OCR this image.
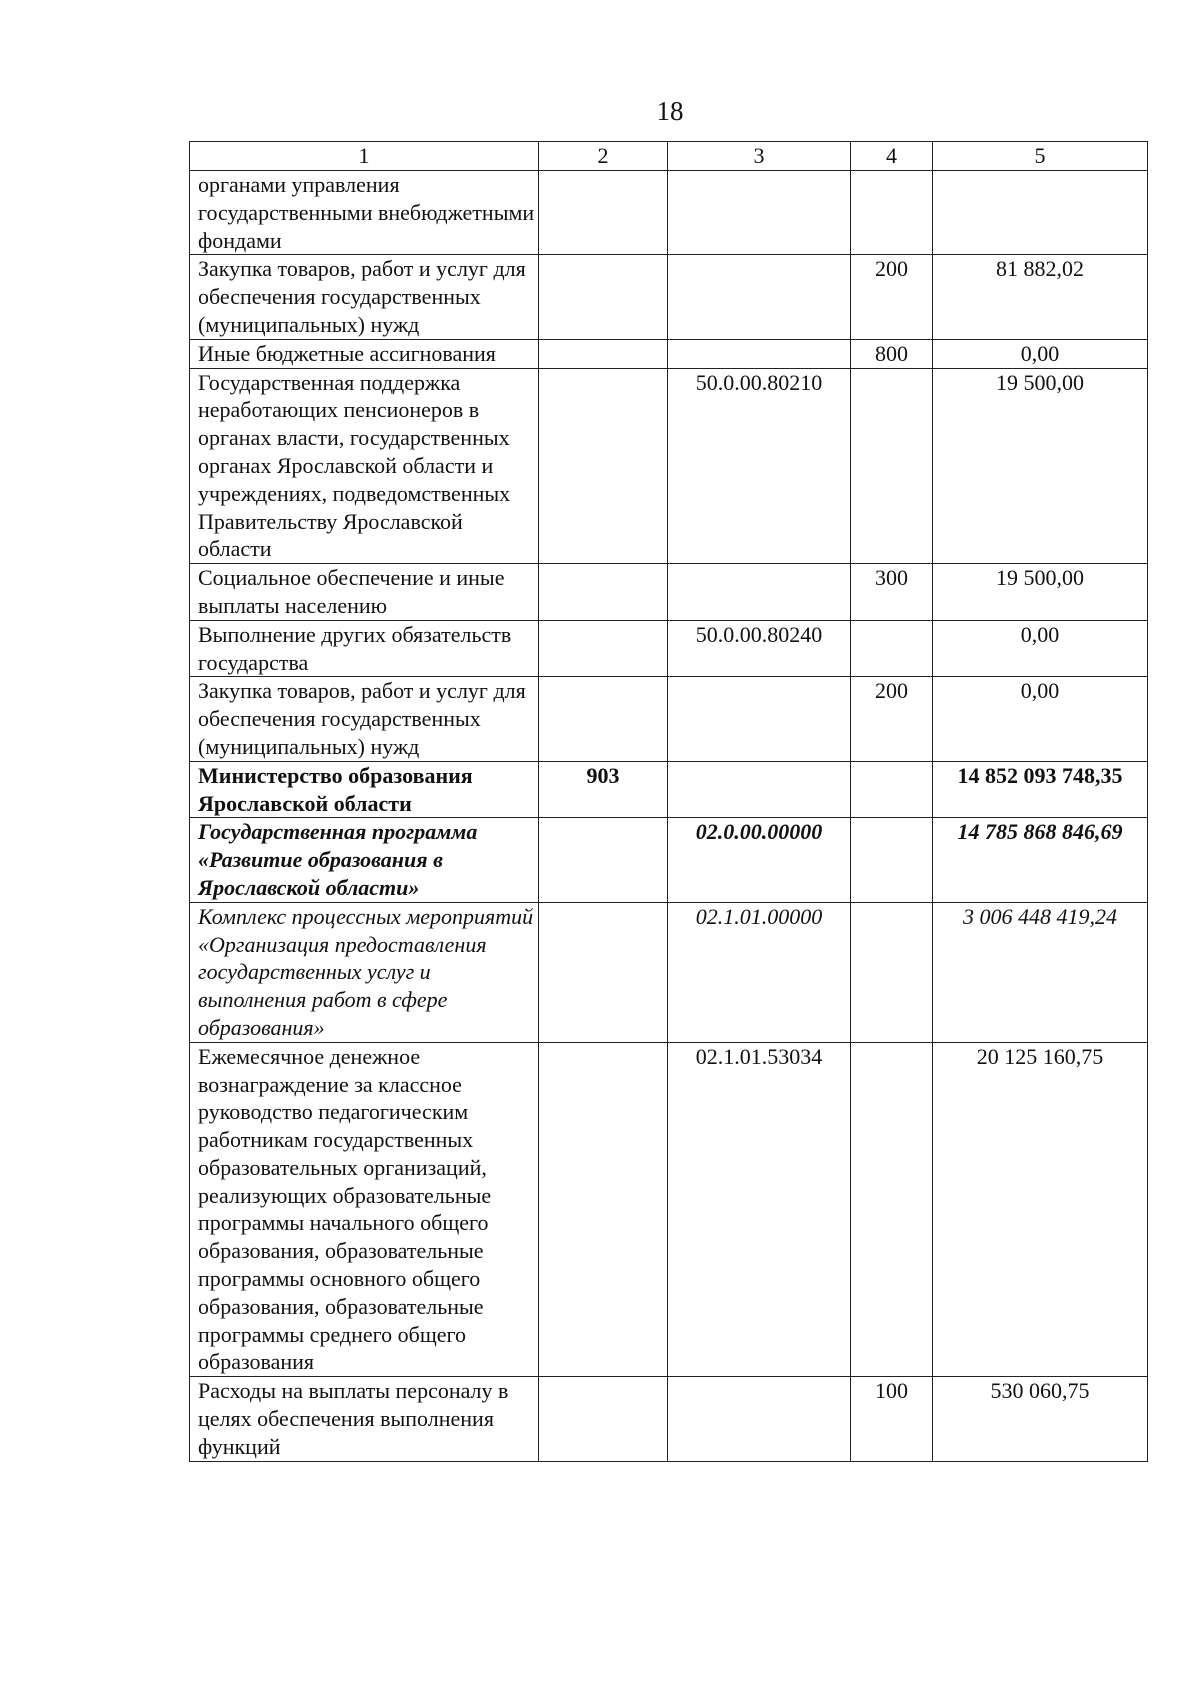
18
1	2	3	4	5
органами управления государственными внебюджетными фондами				
Закупка товаров, работ и услуг для обеспечения государственных (муниципальных) нужд			200	81 882,02
Иные бюджетные ассигнования			800	0,00
Государственная поддержка неработающих пенсионеров в органах власти, государственных органах Ярославской области и учреждениях, подведомственных Правительству Ярославской области		50.0.00.80210		19 500,00
Социальное обеспечение и иные выплаты населению			300	19 500,00
Выполнение других обязательств государства		50.0.00.80240		0,00
Закупка товаров, работ и услуг для обеспечения государственных (муниципальных) нужд			200	0,00
Министерство образования Ярославской области	903			14 852 093 748,35
Государственная программа «Развитие образования в Ярославской области»		02.0.00.00000		14 785 868 846,69
Комплекс процессных мероприятий «Организация предоставления государственных услуг и выполнения работ в сфере образования»		02.1.01.00000		3 006 448 419,24
Ежемесячное денежное вознаграждение за классное руководство педагогическим работникам государственных образовательных организаций, реализующих образовательные программы начального общего образования, образовательные программы основного общего образования, образовательные программы среднего общего образования		02.1.01.53034		20 125 160,75
Расходы на выплаты персоналу в целях обеспечения выполнения функций			100	530 060,75
